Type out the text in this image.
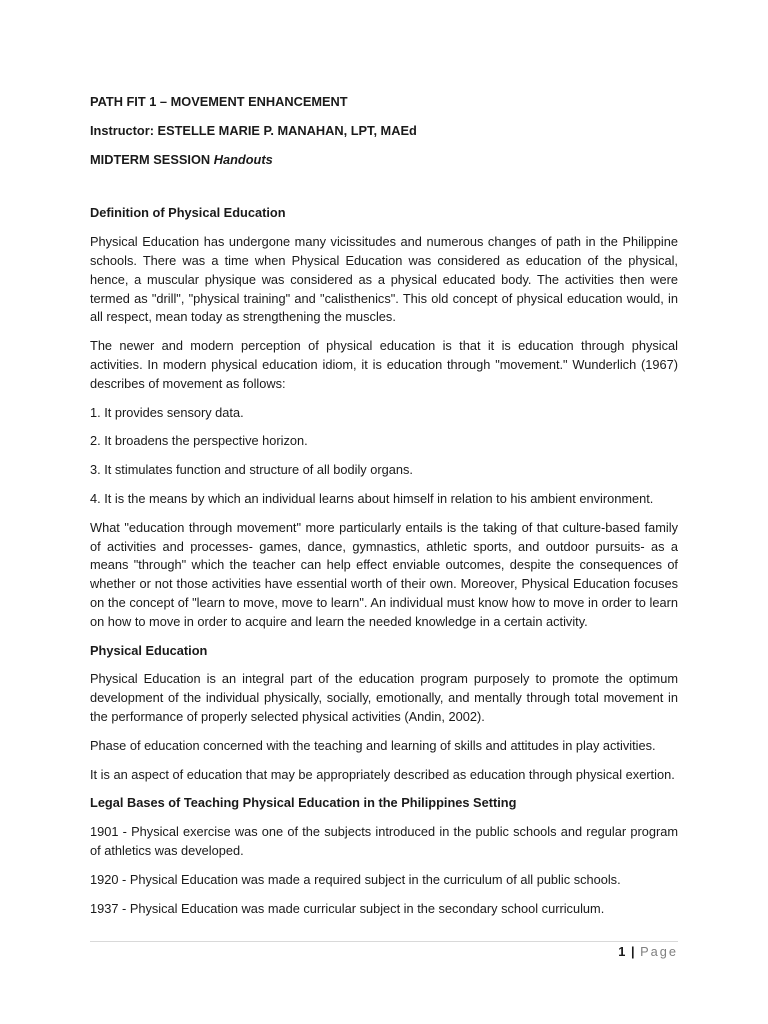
PATH FIT 1 – MOVEMENT ENHANCEMENT
Instructor: ESTELLE MARIE P. MANAHAN, LPT, MAEd
MIDTERM SESSION Handouts
Definition of Physical Education

Physical Education has undergone many vicissitudes and numerous changes of path in the Philippine schools. There was a time when Physical Education was considered as education of the physical, hence, a muscular physique was considered as a physical educated body. The activities then were termed as "drill", "physical training" and "calisthenics". This old concept of physical education would, in all respect, mean today as strengthening the muscles.

The newer and modern perception of physical education is that it is education through physical activities. In modern physical education idiom, it is education through "movement." Wunderlich (1967) describes of movement as follows:

1. It provides sensory data.

2. It broadens the perspective horizon.

3. It stimulates function and structure of all bodily organs.

4. It is the means by which an individual learns about himself in relation to his ambient environment.

What "education through movement" more particularly entails is the taking of that culture-based family of activities and processes- games, dance, gymnastics, athletic sports, and outdoor pursuits- as a means "through" which the teacher can help effect enviable outcomes, despite the consequences of whether or not those activities have essential worth of their own. Moreover, Physical Education focuses on the concept of "learn to move, move to learn". An individual must know how to move in order to learn on how to move in order to acquire and learn the needed knowledge in a certain activity.

Physical Education

Physical Education is an integral part of the education program purposely to promote the optimum development of the individual physically, socially, emotionally, and mentally through total movement in the performance of properly selected physical activities (Andin, 2002).

Phase of education concerned with the teaching and learning of skills and attitudes in play activities.

It is an aspect of education that may be appropriately described as education through physical exertion.

Legal Bases of Teaching Physical Education in the Philippines Setting

1901 - Physical exercise was one of the subjects introduced in the public schools and regular program of athletics was developed.

1920 - Physical Education was made a required subject in the curriculum of all public schools.

1937 - Physical Education was made curricular subject in the secondary school curriculum.

1 | Page
